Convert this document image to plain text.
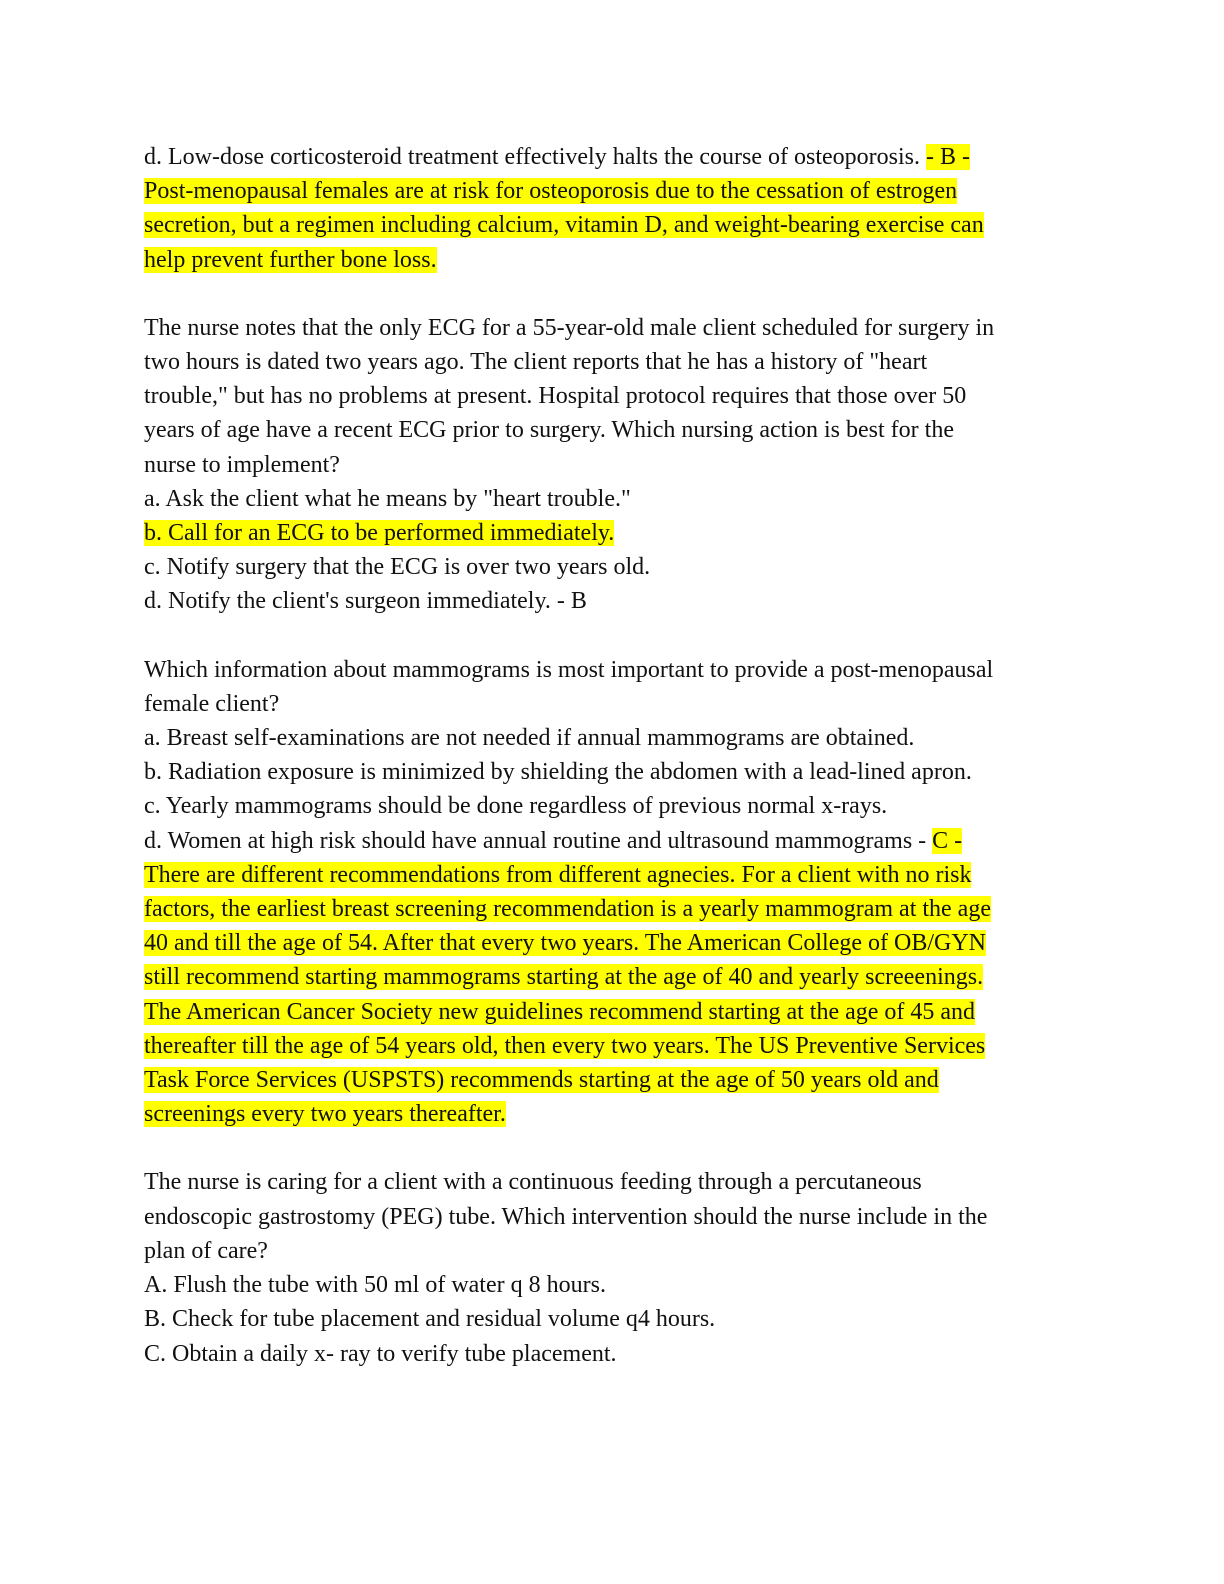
d. Low-dose corticosteroid treatment effectively halts the course of osteoporosis. - B -
Post-menopausal females are at risk for osteoporosis due to the cessation of estrogen
secretion, but a regimen including calcium, vitamin D, and weight-bearing exercise can
help prevent further bone loss.
The nurse notes that the only ECG for a 55-year-old male client scheduled for surgery in
two hours is dated two years ago. The client reports that he has a history of "heart
trouble," but has no problems at present. Hospital protocol requires that those over 50
years of age have a recent ECG prior to surgery. Which nursing action is best for the
nurse to implement?
a. Ask the client what he means by "heart trouble."
b. Call for an ECG to be performed immediately.
c. Notify surgery that the ECG is over two years old.
d. Notify the client's surgeon immediately. - B
Which information about mammograms is most important to provide a post-menopausal
female client?
a. Breast self-examinations are not needed if annual mammograms are obtained.
b. Radiation exposure is minimized by shielding the abdomen with a lead-lined apron.
c. Yearly mammograms should be done regardless of previous normal x-rays.
d. Women at high risk should have annual routine and ultrasound mammograms - C -
There are different recommendations from different agnecies. For a client with no risk
factors, the earliest breast screening recommendation is a yearly mammogram at the age
40 and till the age of 54. After that every two years. The American College of OB/GYN
still recommend starting mammograms starting at the age of 40 and yearly screeenings.
The American Cancer Society new guidelines recommend starting at the age of 45 and
thereafter till the age of 54 years old, then every two years. The US Preventive Services
Task Force Services (USPSTS) recommends starting at the age of 50 years old and
screenings every two years thereafter.
The nurse is caring for a client with a continuous feeding through a percutaneous
endoscopic gastrostomy (PEG) tube. Which intervention should the nurse include in the
plan of care?
A. Flush the tube with 50 ml of water q 8 hours.
B. Check for tube placement and residual volume q4 hours.
C. Obtain a daily x- ray to verify tube placement.
